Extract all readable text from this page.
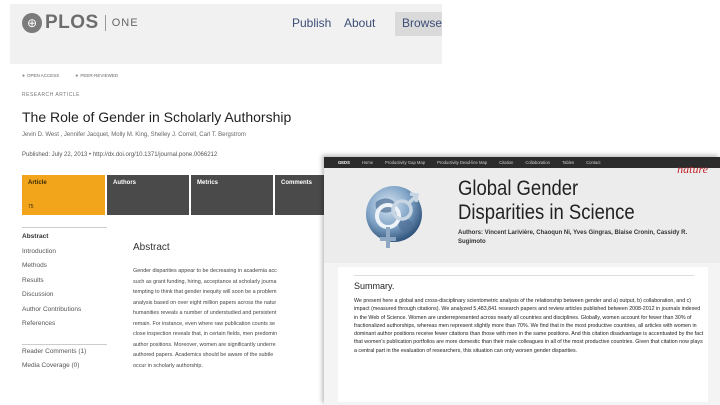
⊕ PLOS ONE	Publish About Browse
● OPEN ACCESS
●	PEER-REVIEWED
RESEARCH ARTICLE
The Role of Gender in Scholarly Authorship
Jevin D. West , Jennifer Jacquet, Molly M. King, Shelley J. Correll, Carl T. Bergstrom
Published: July 22, 2013 • http://dx.doi.org/10.1371/journal.pone.0066212
Article
75
Authors	Metrics	Comments
Abstract
Introduction
Methods
Results
Discussion
Author Contributions
References
Reader Comments (1)
Media Coverage (0)
Abstract
Gender disparities appear to be decreasing in academia acc
such as grant funding, hiring, acceptance at scholarly journa
tempting to think that gender inequity will soon be a problem
analysis based on over eight million papers across the natur
humanities reveals a number of understudied and persistent
remain. For instance, even where raw publication counts se
close inspection reveals that, in certain fields, men predomin
author positions. Moreover, women are significantly underre
authored papers. Academics should be aware of the subtle
occur in scholarly authorship.
GEDS	Home	Productivity Gap Map	Productivity Dead-line Map	Citation	Collaboration	Tables	Contact	nature
Global Gender
Disparities in Science
Authors: Vincent Larivière, Chaoqun Ni, Yves Gingras, Blaise Cronin, Cassidy R. Sugimoto
Summary.
We present here a global and cross-disciplinary scientometric analysis of the relationship between gender and a) output, b) collaboration, and c) impact (measured through citations). We analyzed 5,483,841 research papers and review articles published between 2008-2012 in journals indexed in the Web of Science. Women are underrepresented across nearly all countries and disciplines. Globally, women account for fewer than 30% of fractionalized authorships, whereas men represent slightly more than 70%. We find that in the most productive countries, all articles with women in dominant author positions receive fewer citations than those with men in the same positions. And this citation disadvantage is accentuated by the fact that women's publication portfolios are more domestic than their male colleagues in all of the most productive countries. Given that citation now plays a central part in the evaluation of researchers, this situation can only worsen gender disparities.
